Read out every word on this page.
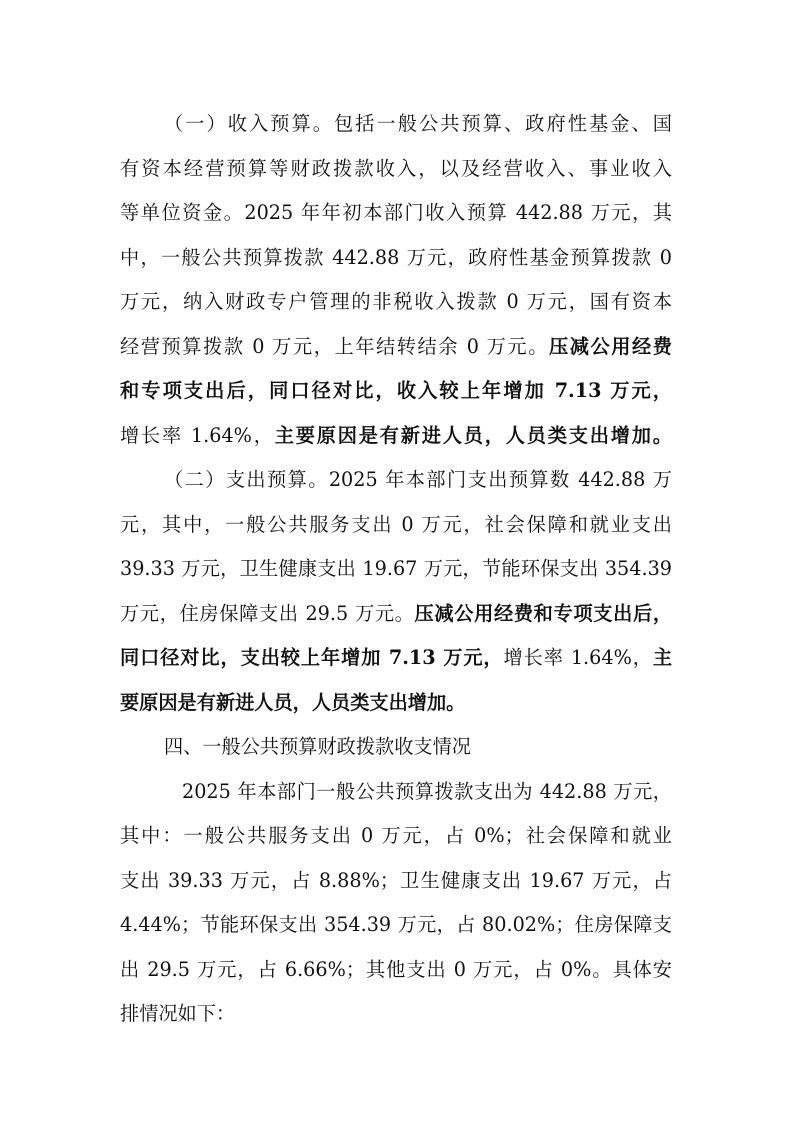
（一）收入预算。包括一般公共预算、政府性基金、国
有资本经营预算等财政拨款收入，以及经营收入、事业收入
等单位资金。2025 年年初本部门收入预算 442.88 万元，其
中，一般公共预算拨款 442.88 万元，政府性基金预算拨款 0
万元，纳入财政专户管理的非税收入拨款 0 万元，国有资本
经营预算拨款 0 万元，上年结转结余 0 万元。压减公用经费
和专项支出后，同口径对比，收入较上年增加 7.13 万元，
增长率 1.64%，主要原因是有新进人员，人员类支出增加。
（二）支出预算。2025 年本部门支出预算数 442.88 万
元，其中，一般公共服务支出 0 万元，社会保障和就业支出
39.33 万元，卫生健康支出 19.67 万元，节能环保支出 354.39
万元，住房保障支出 29.5 万元。压减公用经费和专项支出后，
同口径对比，支出较上年增加 7.13 万元，增长率 1.64%，主
要原因是有新进人员，人员类支出增加。
四、一般公共预算财政拨款收支情况
2025 年本部门一般公共预算拨款支出为 442.88 万元，
其中：一般公共服务支出 0 万元，占 0%；社会保障和就业
支出 39.33 万元，占 8.88%；卫生健康支出 19.67 万元，占
4.44%；节能环保支出 354.39 万元，占 80.02%；住房保障支
出 29.5 万元，占 6.66%；其他支出 0 万元，占 0%。具体安
排情况如下：
